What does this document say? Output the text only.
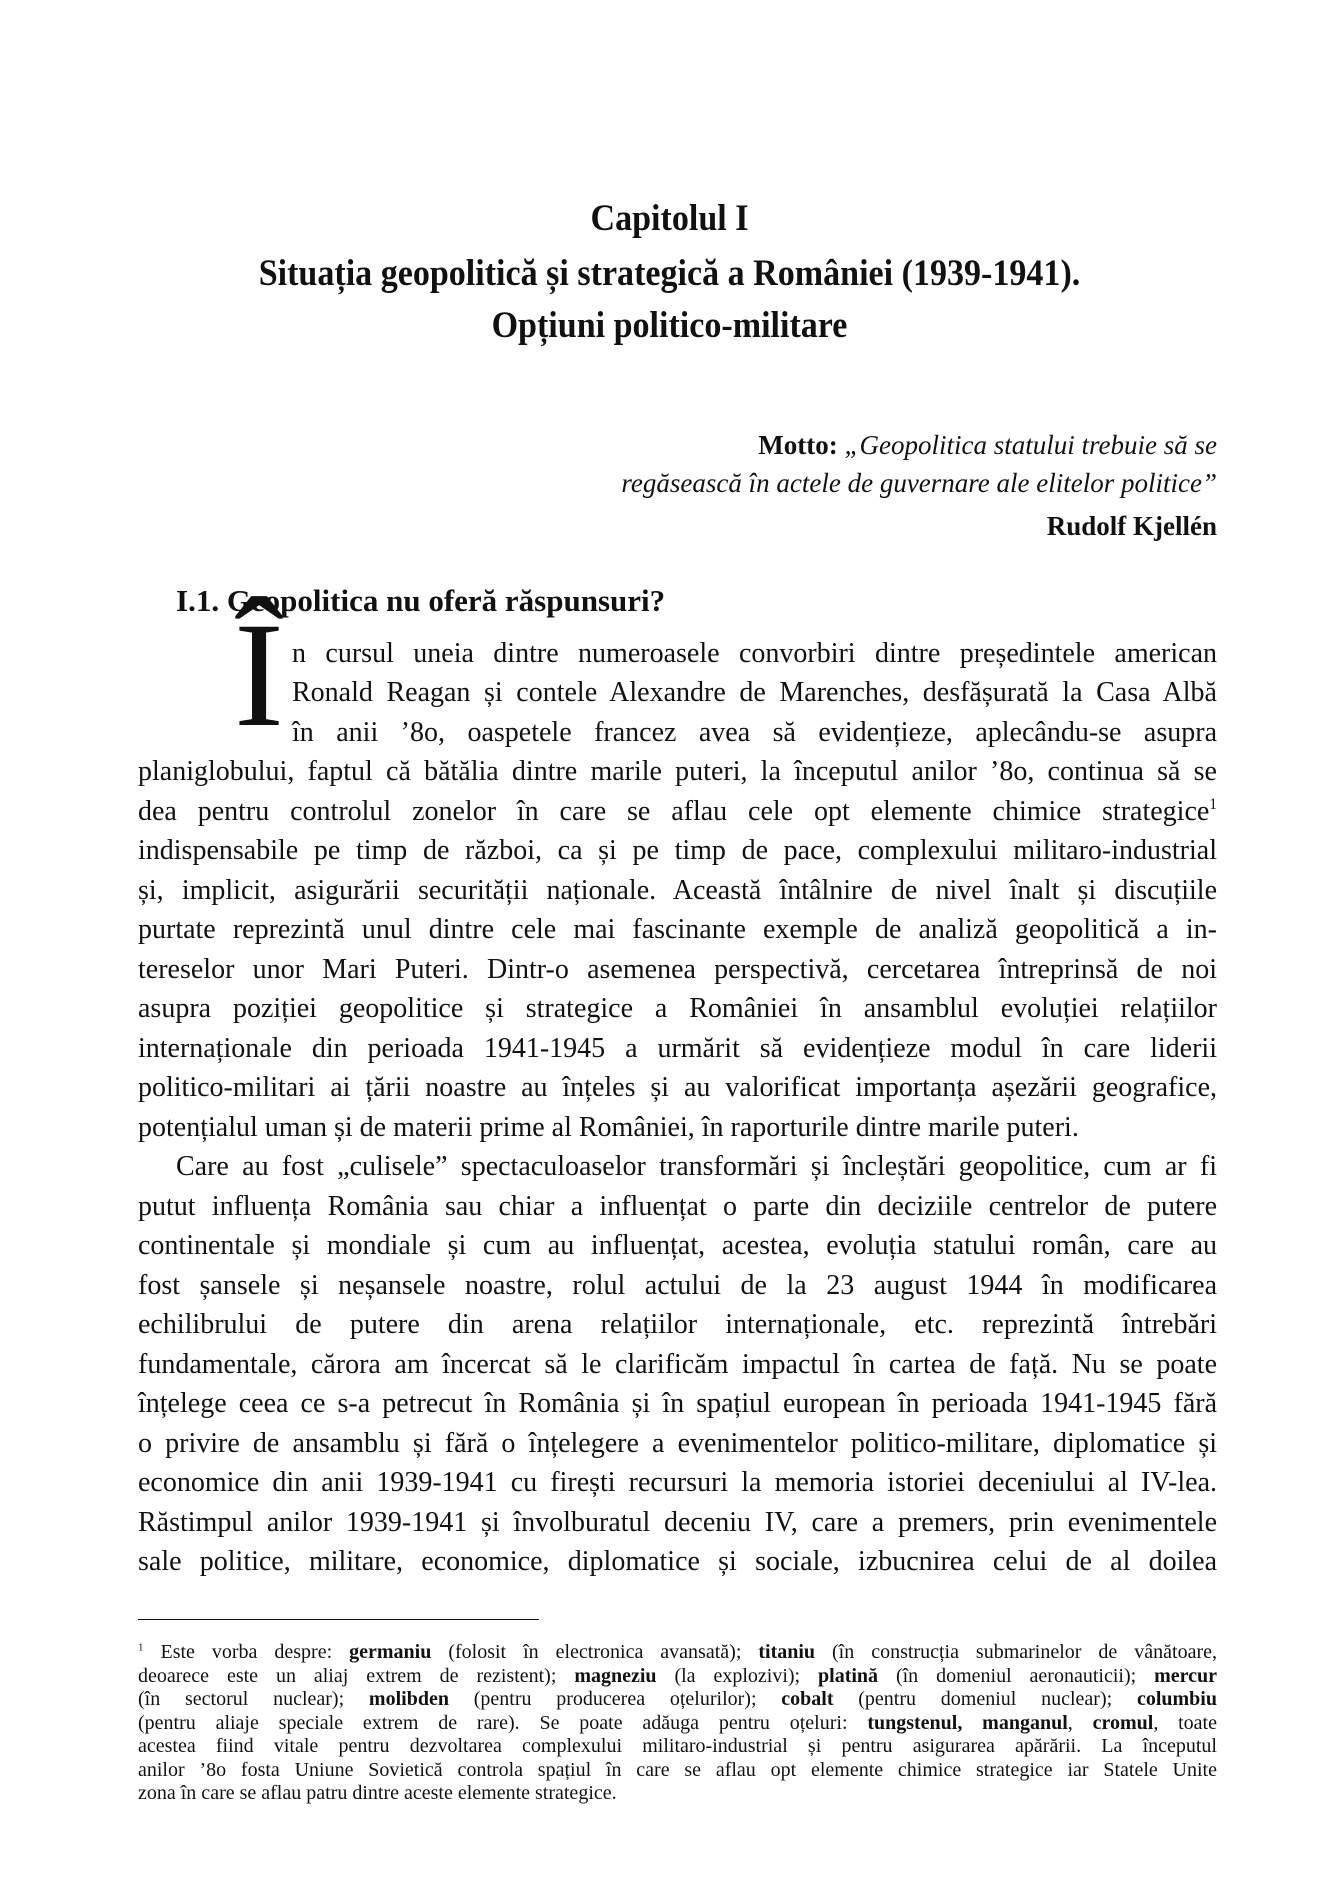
Capitolul I
Situația geopolitică și strategică a României (1939-1941).
Opțiuni politico-militare
Motto: „Geopolitica statului trebuie să se
regăsească în actele de guvernare ale elitelor politice”
Rudolf Kjellén
I.1. Geopolitica nu oferă răspunsuri?
Î n cursul uneia dintre numeroasele convorbiri dintre președintele american
Ronald Reagan și contele Alexandre de Marenches, desfășurată la Casa Albă
în anii ’8o, oaspetele francez avea să evidențieze, aplecându-se asupra
planiglobului, faptul că bătălia dintre marile puteri, la începutul anilor ’8o, continua să se
dea pentru controlul zonelor în care se aflau cele opt elemente chimice strategice$^1$
indispensabile pe timp de război, ca și pe timp de pace, complexului militaro-industrial
și, implicit, asigurării securității naționale. Această întâlnire de nivel înalt și discuțiile
purtate reprezintă unul dintre cele mai fascinante exemple de analiză geopolitică a in-
tereselor unor Mari Puteri. Dintr-o asemenea perspectivă, cercetarea întreprinsă de noi
asupra poziției geopolitice și strategice a României în ansamblul evoluției relațiilor
internaționale din perioada 1941-1945 a urmărit să evidențieze modul în care liderii
politico-militari ai țării noastre au înțeles și au valorificat importanța așezării geografice,
potențialul uman și de materii prime al României, în raporturile dintre marile puteri.
Care au fost „culisele” spectaculoaselor transformări și încleștări geopolitice, cum ar fi
putut influența România sau chiar a influențat o parte din deciziile centrelor de putere
continentale și mondiale și cum au influențat, acestea, evoluția statului român, care au
fost șansele și neșansele noastre, rolul actului de la 23 august 1944 în modificarea
echilibrului de putere din arena relațiilor internaționale, etc. reprezintă întrebări
fundamentale, cărora am încercat să le clarificăm impactul în cartea de față. Nu se poate
înțelege ceea ce s-a petrecut în România și în spațiul european în perioada 1941-1945 fără
o privire de ansamblu și fără o înțelegere a evenimentelor politico-militare, diplomatice și
economice din anii 1939-1941 cu firești recursuri la memoria istoriei deceniului al IV-lea.
Răstimpul anilor 1939-1941 și învolburatul deceniu IV, care a premers, prin evenimentele
sale politice, militare, economice, diplomatice și sociale, izbucnirea celui de al doilea
$^1$ Este vorba despre: germaniu (folosit în electronica avansată); titaniu (în construcția submarinelor de vânătoare,
deoarece este un aliaj extrem de rezistent); magneziu (la explozivi); platină (în domeniul aeronauticii); mercur
(în sectorul nuclear); molibden (pentru producerea oțelurilor); cobalt (pentru domeniul nuclear); columbiu
(pentru aliaje speciale extrem de rare). Se poate adăuga pentru oțeluri: tungstenul, manganul, cromul, toate
acestea fiind vitale pentru dezvoltarea complexului militaro-industrial și pentru asigurarea apărării. La începutul
anilor ’8o fosta Uniune Sovietică controla spațiul în care se aflau opt elemente chimice strategice iar Statele Unite
zona în care se aflau patru dintre aceste elemente strategice.
